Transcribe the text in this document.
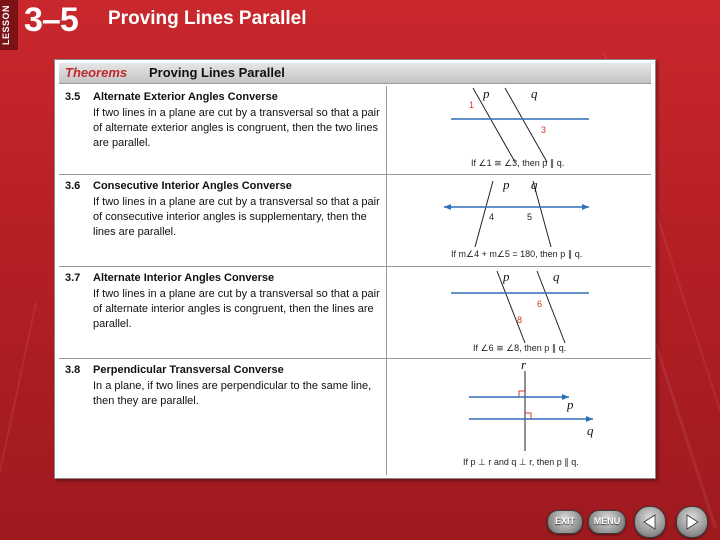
LESSON 3–5 Proving Lines Parallel
Theorems Proving Lines Parallel
3.5 Alternate Exterior Angles Converse
If two lines in a plane are cut by a transversal so that a pair of alternate exterior angles is congruent, then the two lines are parallel.
p	q
1
3
If ∠1 ≅ ∠3, then p ∥ q.
3.6 Consecutive Interior Angles Converse
If two lines in a plane are cut by a transversal so that a pair of consecutive interior angles is supplementary, then the lines are parallel.
p q
4	5
If m∠4 + m∠5 = 180, then p ∥ q.
3.7 Alternate Interior Angles Converse
If two lines in a plane are cut by a transversal so that a pair of alternate interior angles is congruent, then the lines are parallel.
p	q
6
8
If ∠6 ≅ ∠8, then p ∥ q.
3.8 Perpendicular Transversal Converse
In a plane, if two lines are perpendicular to the same line, then they are parallel.
r
p
q
If p ⊥ r and q ⊥ r, then p ∥ q.
EXIT	MENU
